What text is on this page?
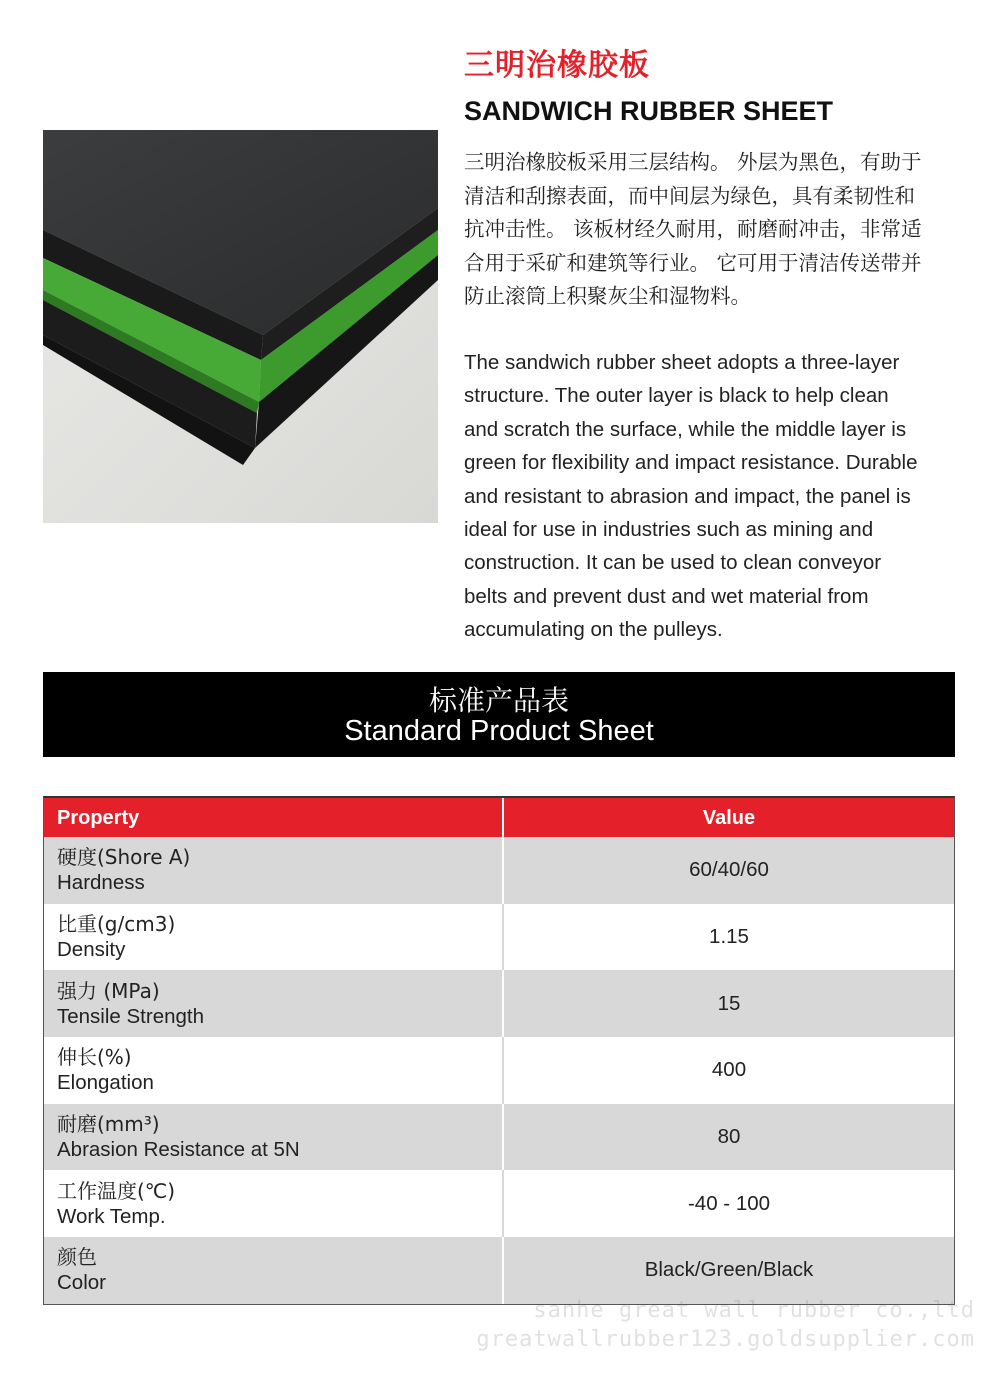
三明治橡胶板
SANDWICH RUBBER SHEET
三明治橡胶板采用三层结构。 外层为黑色，有助于
清洁和刮擦表面，而中间层为绿色，具有柔韧性和
抗冲击性。 该板材经久耐用，耐磨耐冲击，非常适
合用于采矿和建筑等行业。 它可用于清洁传送带并
防止滚筒上积聚灰尘和湿物料。
The sandwich rubber sheet adopts a three-layer
structure. The outer layer is black to help clean
and scratch the surface, while the middle layer is
green for flexibility and impact resistance. Durable
and resistant to abrasion and impact, the panel is
ideal for use in industries such as mining and
construction. It can be used to clean conveyor
belts and prevent dust and wet material from
accumulating on the pulleys.
标准产品表
Standard Product Sheet
Property	Value
硬度(Shore A)
Hardness
60/40/60
比重(g/cm3)
Density
1.15
强力 (MPa)
Tensile Strength
15
伸长(%)
Elongation
400
耐磨(mm³)
Abrasion Resistance at 5N
80
工作温度(℃)
Work Temp.
-40 - 100
颜色
Color
Black/Green/Black
sanhe great wall rubber co.,ltd
greatwallrubber123.goldsupplier.com
